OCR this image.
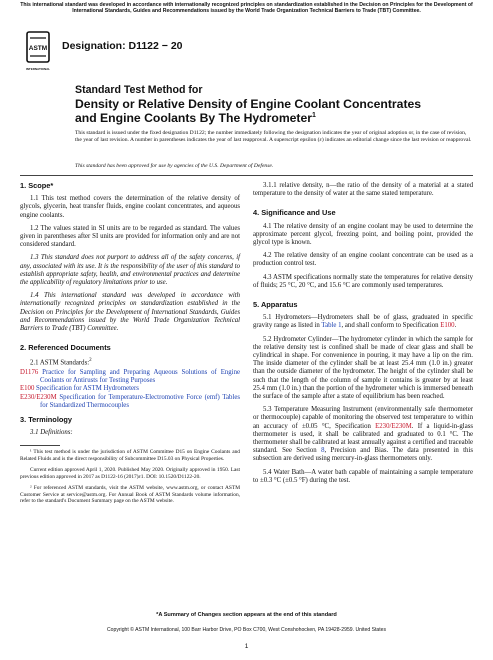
This international standard was developed in accordance with internationally recognized principles on standardization established in the Decision on Principles for the Development of International Standards, Guides and Recommendations issued by the World Trade Organization Technical Barriers to Trade (TBT) Committee.
ASTM
INTERNATIONAL
Designation: D1122 − 20
Standard Test Method for
Density or Relative Density of Engine Coolant Concentrates
and Engine Coolants By The Hydrometer$^1$
This standard is issued under the fixed designation D1122; the number immediately following the designation indicates the year of original adoption or, in the case of revision, the year of last revision. A number in parentheses indicates the year of last reapproval. A superscript epsilon (ε) indicates an editorial change since the last revision or reapproval.
This standard has been approved for use by agencies of the U.S. Department of Defense.
1. Scope*

1.1 This test method covers the determination of the relative density of glycols, glycerin, heat transfer fluids, engine coolant concentrates, and aqueous engine coolants.

1.2 The values stated in SI units are to be regarded as standard. The values given in parentheses after SI units are provided for information only and are not considered standard.

1.3 This standard does not purport to address all of the safety concerns, if any, associated with its use. It is the responsibility of the user of this standard to establish appropriate safety, health, and environmental practices and determine the applicability of regulatory limitations prior to use.

1.4 This international standard was developed in accordance with internationally recognized principles on standardization established in the Decision on Principles for the Development of International Standards, Guides and Recommendations issued by the World Trade Organization Technical Barriers to Trade (TBT) Committee.

2. Referenced Documents

2.1 ASTM Standards:$^2$

D1176 Practice for Sampling and Preparing Aqueous Solutions of Engine Coolants or Antirusts for Testing Purposes

E100 Specification for ASTM Hydrometers

E230/E230M Specification for Temperature-Electromotive Force (emf) Tables for Standardized Thermocouples

3. Terminology

3.1 Definitions:

¹ This test method is under the jurisdiction of ASTM Committee D15 on Engine Coolants and Related Fluids and is the direct responsibility of Subcommittee D15.03 on Physical Properties.

Current edition approved April 1, 2020. Published May 2020. Originally approved in 1950. Last previous edition approved in 2017 as D1122-16 (2017)ε1. DOI: 10.1520/D1122-20.

² For referenced ASTM standards, visit the ASTM website, www.astm.org, or contact ASTM Customer Service at service@astm.org. For Annual Book of ASTM Standards volume information, refer to the standard's Document Summary page on the ASTM website.

3.1.1 relative density, n—the ratio of the density of a material at a stated temperature to the density of water at the same stated temperature.

4. Significance and Use

4.1 The relative density of an engine coolant may be used to determine the approximate percent glycol, freezing point, and boiling point, provided the glycol type is known.

4.2 The relative density of an engine coolant concentrate can be used as a production control test.

4.3 ASTM specifications normally state the temperatures for relative density of fluids; 25 °C, 20 °C, and 15.6 °C are commonly used temperatures.

5. Apparatus

5.1 Hydrometers—Hydrometers shall be of glass, graduated in specific gravity range as listed in Table 1, and shall conform to Specification E100.

5.2 Hydrometer Cylinder—The hydrometer cylinder in which the sample for the relative density test is confined shall be made of clear glass and shall be cylindrical in shape. For convenience in pouring, it may have a lip on the rim. The inside diameter of the cylinder shall be at least 25.4 mm (1.0 in.) greater than the outside diameter of the hydrometer. The height of the cylinder shall be such that the length of the column of sample it contains is greater by at least 25.4 mm (1.0 in.) than the portion of the hydrometer which is immersed beneath the surface of the sample after a state of equilibrium has been reached.

5.3 Temperature Measuring Instrument (environmentally safe thermometer or thermocouple) capable of monitoring the observed test temperature to within an accuracy of ±0.05 °C, Specification E230/E230M. If a liquid-in-glass thermometer is used, it shall be calibrated and graduated to 0.1 °C. The thermometer shall be calibrated at least annually against a certified and traceable standard. See Section 8, Precision and Bias. The data presented in this subsection are derived using mercury-in-glass thermometers only.

5.4 Water Bath—A water bath capable of maintaining a sample temperature to ±0.3 °C (±0.5 °F) during the test.

*A Summary of Changes section appears at the end of this standard
Copyright © ASTM International, 100 Barr Harbor Drive, PO Box C700, West Conshohocken, PA 19428-2959. United States
1
